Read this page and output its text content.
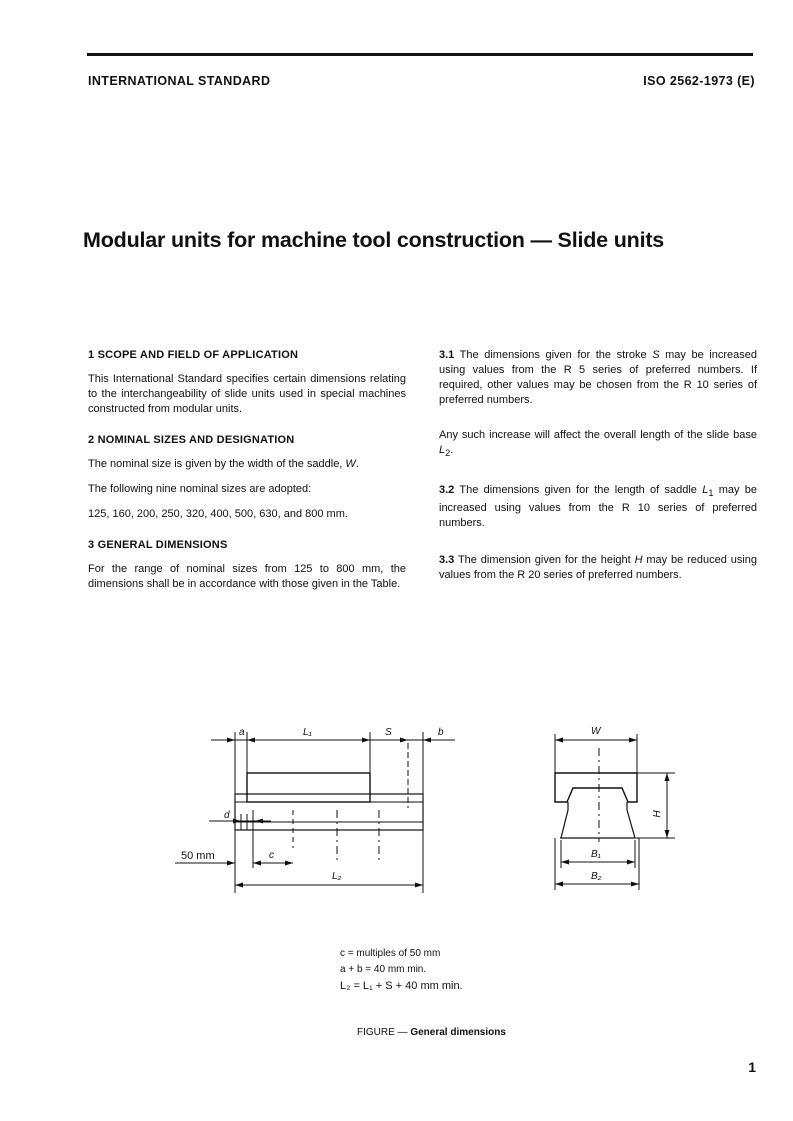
INTERNATIONAL STANDARD	ISO 2562-1973 (E)
Modular units for machine tool construction — Slide units
1 SCOPE AND FIELD OF APPLICATION

This International Standard specifies certain dimensions relating to the interchangeability of slide units used in special machines constructed from modular units.

2 NOMINAL SIZES AND DESIGNATION

The nominal size is given by the width of the saddle, W.

The following nine nominal sizes are adopted:

125, 160, 200, 250, 320, 400, 500, 630, and 800 mm.

3 GENERAL DIMENSIONS

For the range of nominal sizes from 125 to 800 mm, the dimensions shall be in accordance with those given in the Table.

3.1 The dimensions given for the stroke S may be increased using values from the R 5 series of preferred numbers. If required, other values may be chosen from the R 10 series of preferred numbers.

Any such increase will affect the overall length of the slide base $L_2$.

3.2 The dimensions given for the length of saddle $L_1$ may be increased using values from the R 10 series of preferred numbers.

3.3 The dimension given for the height H may be reduced using values from the R 20 series of preferred numbers.

a	L₁	S	b
d
50 mm	c
L₂
W
H
B₁
B₂
c = multiples of 50 mm
a + b = 40 mm min.
L₂ = L₁ + S + 40 mm min.
FIGURE — General dimensions
1
